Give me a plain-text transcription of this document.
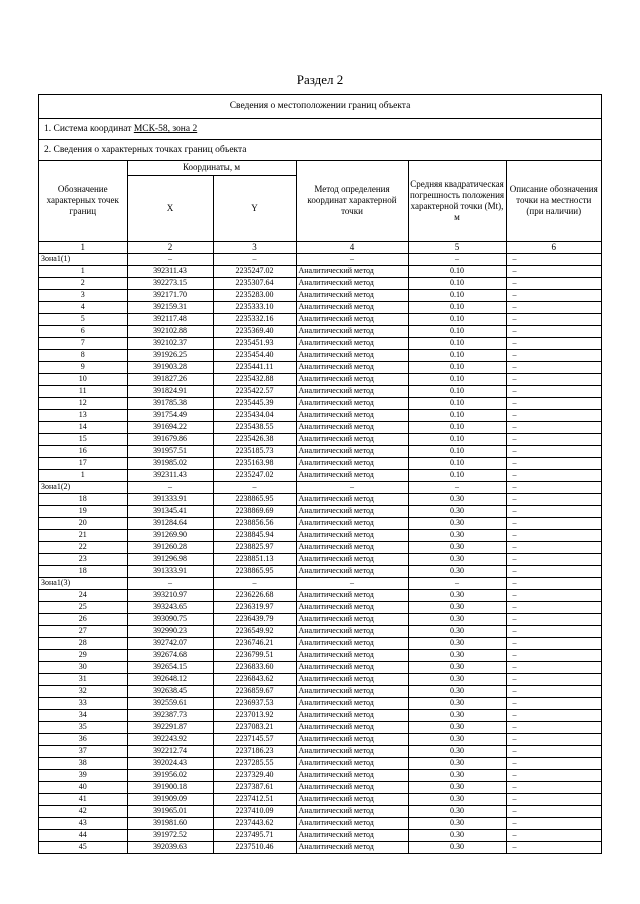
Раздел 2
Сведения о местоположении границ объекта
1. Система координат МСК-58, зона 2
2. Сведения о характерных точках границ объекта
Обозначение характерных точек границ	Координаты, м		Метод определения координат характерной точки	Средняя квадратическая погрешность положения характерной точки (Mt), м	Описание обозначения точки на местности (при наличии)
	X	Y			
1	2	3	4	5	6
Зона1(1)	–	–	–	–	–
1	392311.43	2235247.02	Аналитический метод	0.10	–
2	392273.15	2235307.64	Аналитический метод	0.10	–
3	392171.70	2235283.00	Аналитический метод	0.10	–
4	392159.31	2235333.10	Аналитический метод	0.10	–
5	392117.48	2235332.16	Аналитический метод	0.10	–
6	392102.88	2235369.40	Аналитический метод	0.10	–
7	392102.37	2235451.93	Аналитический метод	0.10	–
8	391926.25	2235454.40	Аналитический метод	0.10	–
9	391903.28	2235441.11	Аналитический метод	0.10	–
10	391827.26	2235432.88	Аналитический метод	0.10	–
11	391824.91	2235422.57	Аналитический метод	0.10	–
12	391785.38	2235445.39	Аналитический метод	0.10	–
13	391754.49	2235434.04	Аналитический метод	0.10	–
14	391694.22	2235438.55	Аналитический метод	0.10	–
15	391679.86	2235426.38	Аналитический метод	0.10	–
16	391957.51	2235185.73	Аналитический метод	0.10	–
17	391985.02	2235163.98	Аналитический метод	0.10	–
1	392311.43	2235247.02	Аналитический метод	0.10	–
Зона1(2)	–	–	–	–	–
18	391333.91	2238865.95	Аналитический метод	0.30	–
19	391345.41	2238869.69	Аналитический метод	0.30	–
20	391284.64	2238856.56	Аналитический метод	0.30	–
21	391269.90	2238845.94	Аналитический метод	0.30	–
22	391260.28	2238825.97	Аналитический метод	0.30	–
23	391296.98	2238851.13	Аналитический метод	0.30	–
18	391333.91	2238865.95	Аналитический метод	0.30	–
Зона1(3)	–	–	–	–	–
24	393210.97	2236226.68	Аналитический метод	0.30	–
25	393243.65	2236319.97	Аналитический метод	0.30	–
26	393090.75	2236439.79	Аналитический метод	0.30	–
27	392990.23	2236549.92	Аналитический метод	0.30	–
28	392742.07	2236746.21	Аналитический метод	0.30	–
29	392674.68	2236799.51	Аналитический метод	0.30	–
30	392654.15	2236833.60	Аналитический метод	0.30	–
31	392648.12	2236843.62	Аналитический метод	0.30	–
32	392638.45	2236859.67	Аналитический метод	0.30	–
33	392559.61	2236937.53	Аналитический метод	0.30	–
34	392387.73	2237013.92	Аналитический метод	0.30	–
35	392291.87	2237083.21	Аналитический метод	0.30	–
36	392243.92	2237145.57	Аналитический метод	0.30	–
37	392212.74	2237186.23	Аналитический метод	0.30	–
38	392024.43	2237285.55	Аналитический метод	0.30	–
39	391956.02	2237329.40	Аналитический метод	0.30	–
40	391900.18	2237387.61	Аналитический метод	0.30	–
41	391909.09	2237412.51	Аналитический метод	0.30	–
42	391965.01	2237410.09	Аналитический метод	0.30	–
43	391981.60	2237443.62	Аналитический метод	0.30	–
44	391972.52	2237495.71	Аналитический метод	0.30	–
45	392039.63	2237510.46	Аналитический метод	0.30	–
